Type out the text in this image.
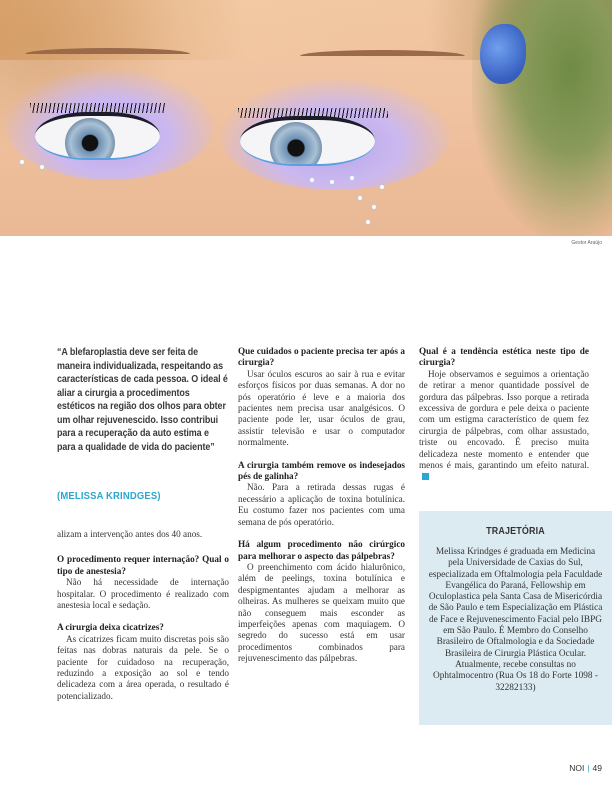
Gestor Araújo
“A blefaroplastia deve ser feita de maneira individualizada, respeitando as características de cada pessoa. O ideal é aliar a cirurgia a procedimentos estéticos na região dos olhos para obter um olhar rejuvenescido. Isso contribui para a recuperação da auto estima e para a qualidade de vida do paciente”
(MELISSA KRINDGES)

alizam a intervenção antes dos 40 anos.

O procedimento requer internação? Qual o tipo de anestesia?

Não há necessidade de internação hospitalar. O procedimento é realizado com anestesia local e sedação.

A cirurgia deixa cicatrizes?

As cicatrizes ficam muito discretas pois são feitas nas dobras naturais da pele. Se o paciente for cuidadoso na recuperação, reduzindo a exposição ao sol e tendo delicadeza com a área operada, o resultado é potencializado.

Que cuidados o paciente precisa ter após a cirurgia?

Usar óculos escuros ao sair à rua e evitar esforços físicos por duas semanas. A dor no pós operatório é leve e a maioria dos pacientes nem precisa usar analgésicos. O paciente pode ler, usar óculos de grau, assistir televisão e usar o computador normalmente.

A cirurgia também remove os indesejados pés de galinha?

Não. Para a retirada dessas rugas é necessário a aplicação de toxina botulínica. Eu costumo fazer nos pacientes com uma semana de pós operatório.

Há algum procedimento não cirúrgico para melhorar o aspecto das pálpebras?

O preenchimento com ácido hialurônico, além de peelings, toxina botulínica e despigmentantes ajudam a melhorar as olheiras. As mulheres se queixam muito que não conseguem mais esconder as imperfeições apenas com maquiagem. O segredo do sucesso está em usar procedimentos combinados para rejuvenescimento das pálpebras.

Qual é a tendência estética neste tipo de cirurgia?

Hoje observamos e seguimos a orientação de retirar a menor quantidade possível de gordura das pálpebras. Isso porque a retirada excessiva de gordura e pele deixa o paciente com um estigma característico de quem fez cirurgia de pálpebras, com olhar assustado, triste ou encovado. É preciso muita delicadeza neste momento e entender que menos é mais, garantindo um efeito natural.

TRAJETÓRIA
Melissa Krindges é graduada em Medicina pela Universidade de Caxias do Sul, especializada em Oftalmologia pela Faculdade Evangélica do Paraná, Fellowship em Oculoplastica pela Santa Casa de Misericórdia de São Paulo e tem Especialização em Plástica de Face e Rejuvenescimento Facial pelo IBPG em São Paulo. É Membro do Conselho Brasileiro de Oftalmologia e da Sociedade Brasileira de Cirurgia Plástica Ocular. Atualmente, recebe consultas no Ophtalmocentro (Rua Os 18 do Forte 1098 - 32282133)
NOI | 49
